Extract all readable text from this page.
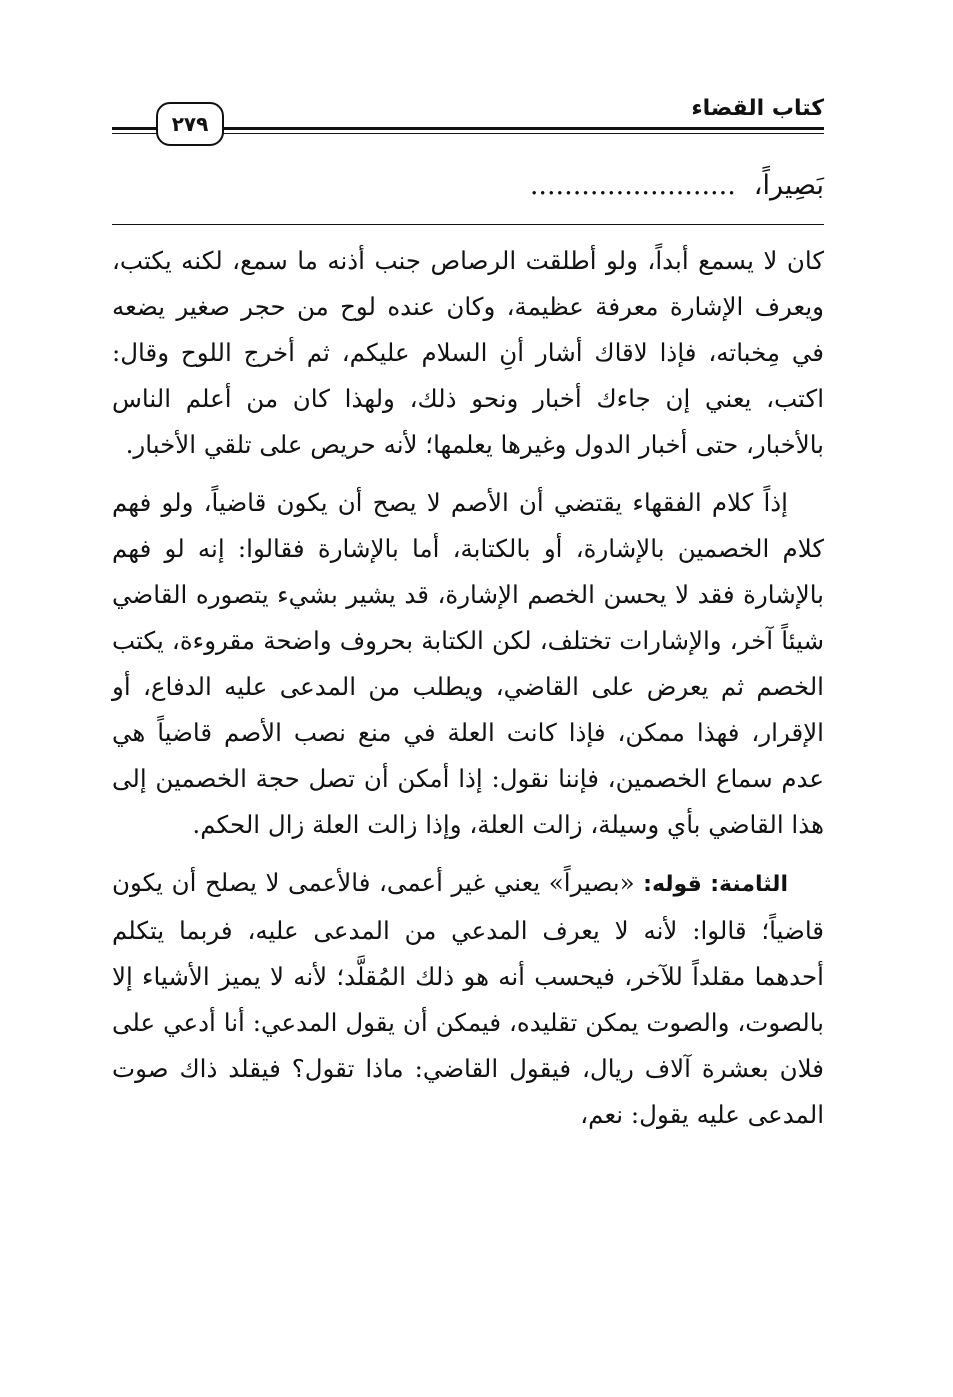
كتاب القضاء
٢٧٩
بَصِيراً،........................

كان لا يسمع أبداً، ولو أطلقت الرصاص جنب أذنه ما سمع، لكنه يكتب، ويعرف الإشارة معرفة عظيمة، وكان عنده لوح من حجر صغير يضعه في مِخباته، فإذا لاقاك أشار أنِ السلام عليكم، ثم أخرج اللوح وقال: اكتب، يعني إن جاءك أخبار ونحو ذلك، ولهذا كان من أعلم الناس بالأخبار، حتى أخبار الدول وغيرها يعلمها؛ لأنه حريص على تلقي الأخبار.

إذاً كلام الفقهاء يقتضي أن الأصم لا يصح أن يكون قاضياً، ولو فهم كلام الخصمين بالإشارة، أو بالكتابة، أما بالإشارة فقالوا: إنه لو فهم بالإشارة فقد لا يحسن الخصم الإشارة، قد يشير بشيء يتصوره القاضي شيئاً آخر، والإشارات تختلف، لكن الكتابة بحروف واضحة مقروءة، يكتب الخصم ثم يعرض على القاضي، ويطلب من المدعى عليه الدفاع، أو الإقرار، فهذا ممكن، فإذا كانت العلة في منع نصب الأصم قاضياً هي عدم سماع الخصمين، فإننا نقول: إذا أمكن أن تصل حجة الخصمين إلى هذا القاضي بأي وسيلة، زالت العلة، وإذا زالت العلة زال الحكم.

الثامنة: قوله: «بصيراً» يعني غير أعمى، فالأعمى لا يصلح أن يكون قاضياً؛ قالوا: لأنه لا يعرف المدعي من المدعى عليه، فربما يتكلم أحدهما مقلداً للآخر، فيحسب أنه هو ذلك المُقلَّد؛ لأنه لا يميز الأشياء إلا بالصوت، والصوت يمكن تقليده، فيمكن أن يقول المدعي: أنا أدعي على فلان بعشرة آلاف ريال، فيقول القاضي: ماذا تقول؟ فيقلد ذاك صوت المدعى عليه يقول: نعم،
